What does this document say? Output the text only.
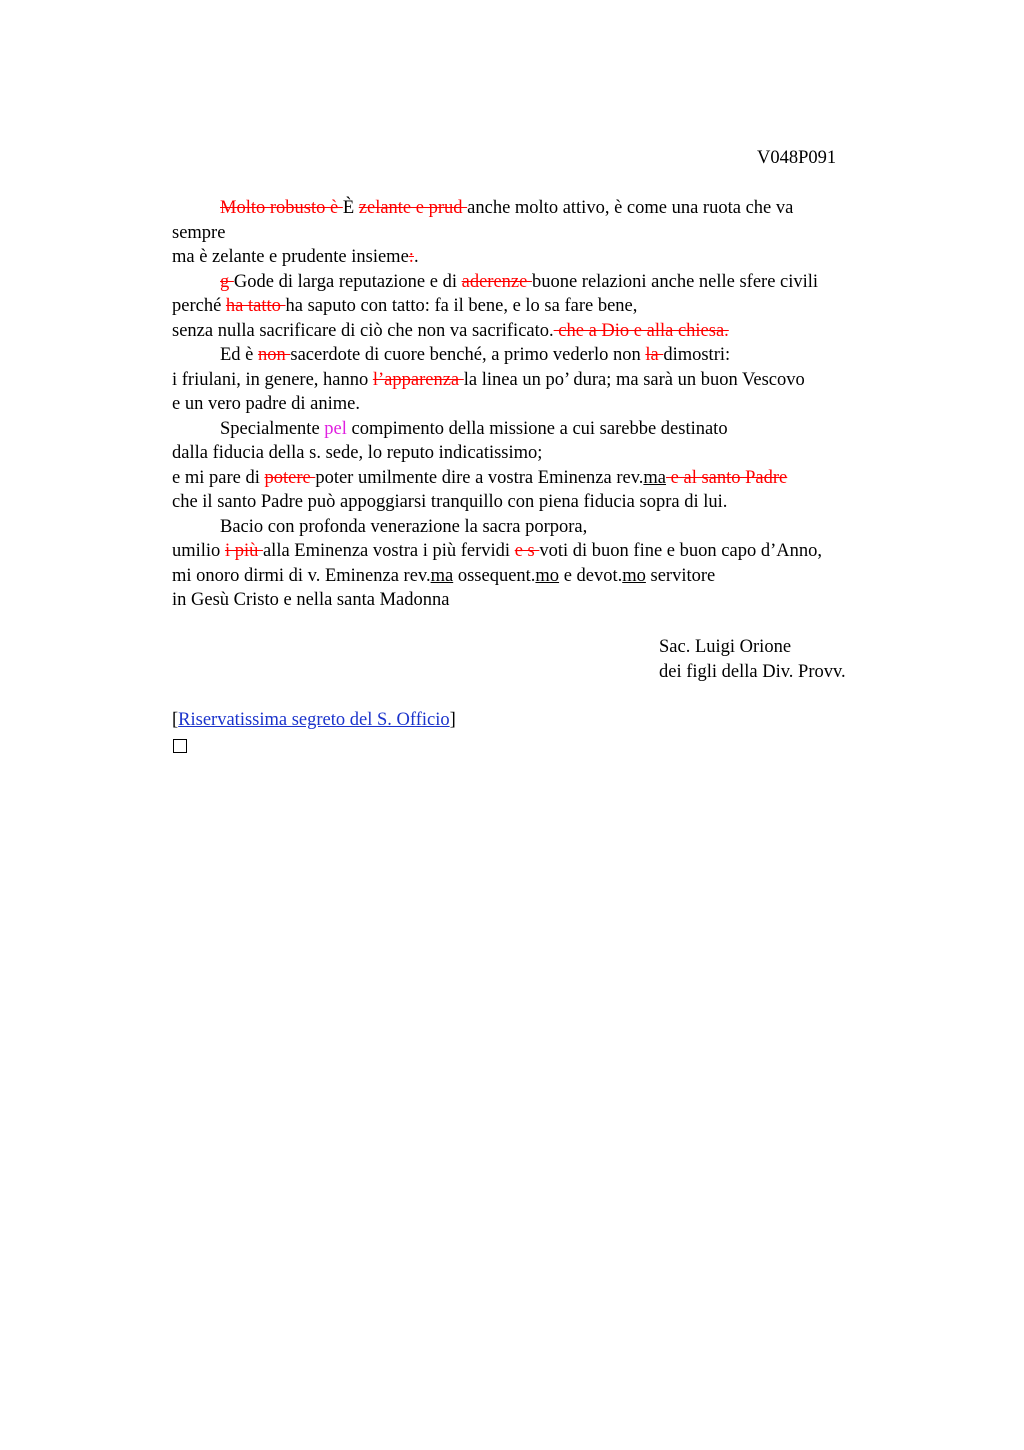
V048P091
Molto robusto è È zelante e prud anche molto attivo, è come una ruota che va
sempre
ma è zelante e prudente insieme:.
g Gode di larga reputazione e di aderenze buone relazioni anche nelle sfere civili
perché ha tatto ha saputo con tatto: fa il bene, e lo sa fare bene,
senza nulla sacrificare di ciò che non va sacrificato. che a Dio e alla chiesa.
Ed è non sacerdote di cuore benché, a primo vederlo non la dimostri:
i friulani, in genere, hanno l’apparenza la linea un po’ dura; ma sarà un buon Vescovo
e un vero padre di anime.
Specialmente pel compimento della missione a cui sarebbe destinato
dalla fiducia della s. sede, lo reputo indicatissimo;
e mi pare di potere poter umilmente dire a vostra Eminenza rev.ma e al santo Padre
che il santo Padre può appoggiarsi tranquillo con piena fiducia sopra di lui.
Bacio con profonda venerazione la sacra porpora,
umilio i più alla Eminenza vostra i più fervidi e s voti di buon fine e buon capo d’Anno,
mi onoro dirmi di v. Eminenza rev.ma ossequent.mo e devot.mo servitore
in Gesù Cristo e nella santa Madonna
Sac. Luigi Orione
dei figli della Div. Provv.
[Riservatissima segreto del S. Officio]
